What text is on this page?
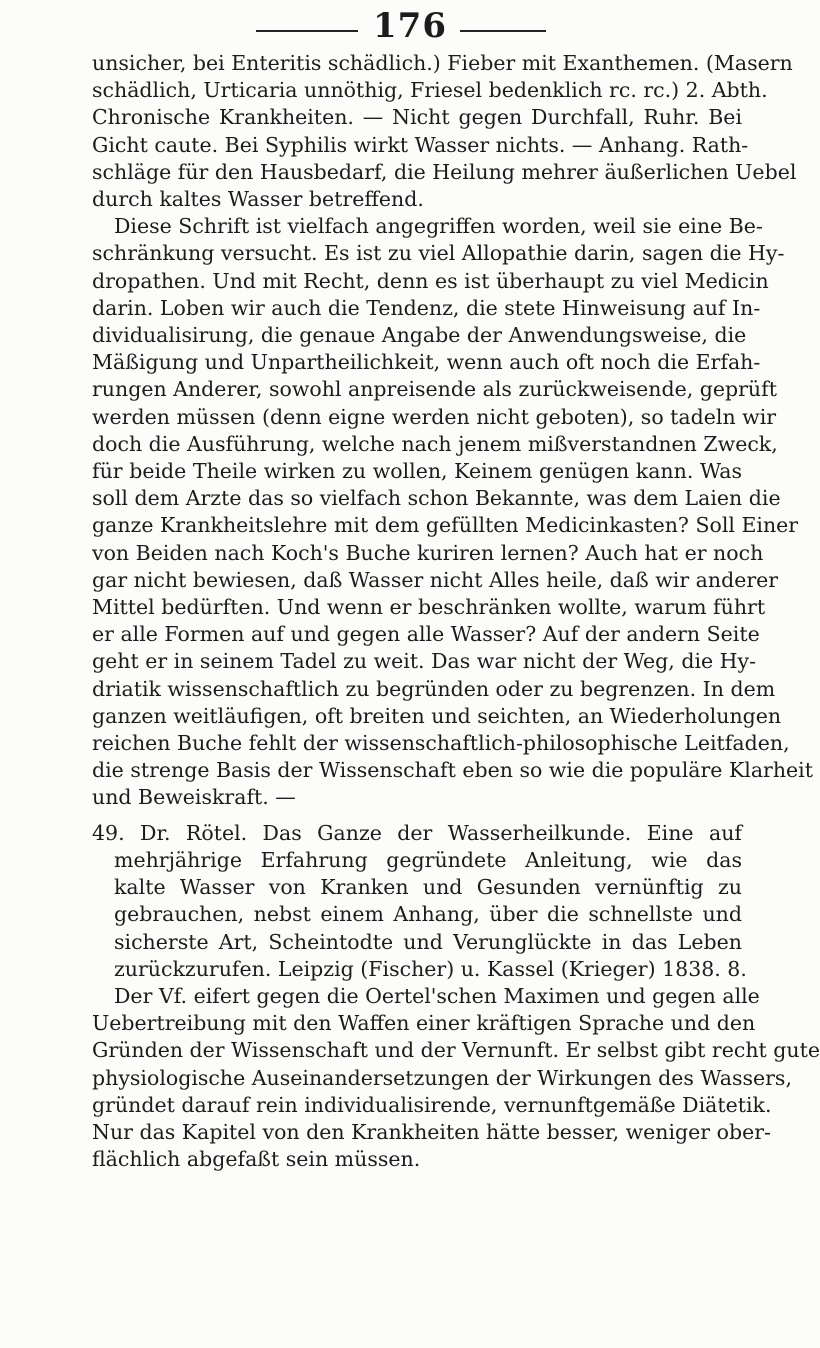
176
unsicher, bei Enteritis schädlich.) Fieber mit Exanthemen. (Masern
schädlich, Urticaria unnöthig, Friesel bedenklich rc. rc.) 2. Abth.
Chronische Krankheiten. — Nicht gegen Durchfall, Ruhr. Bei
Gicht caute. Bei Syphilis wirkt Wasser nichts. — Anhang. Rath-
schläge für den Hausbedarf, die Heilung mehrer äußerlichen Uebel
durch kaltes Wasser betreffend.
Diese Schrift ist vielfach angegriffen worden, weil sie eine Be-
schränkung versucht. Es ist zu viel Allopathie darin, sagen die Hy-
dropathen. Und mit Recht, denn es ist überhaupt zu viel Medicin
darin. Loben wir auch die Tendenz, die stete Hinweisung auf In-
dividualisirung, die genaue Angabe der Anwendungsweise, die
Mäßigung und Unpartheilichkeit, wenn auch oft noch die Erfah-
rungen Anderer, sowohl anpreisende als zurückweisende, geprüft
werden müssen (denn eigne werden nicht geboten), so tadeln wir
doch die Ausführung, welche nach jenem mißverstandnen Zweck,
für beide Theile wirken zu wollen, Keinem genügen kann. Was
soll dem Arzte das so vielfach schon Bekannte, was dem Laien die
ganze Krankheitslehre mit dem gefüllten Medicinkasten? Soll Einer
von Beiden nach Koch's Buche kuriren lernen? Auch hat er noch
gar nicht bewiesen, daß Wasser nicht Alles heile, daß wir anderer
Mittel bedürften. Und wenn er beschränken wollte, warum führt
er alle Formen auf und gegen alle Wasser? Auf der andern Seite
geht er in seinem Tadel zu weit. Das war nicht der Weg, die Hy-
driatik wissenschaftlich zu begründen oder zu begrenzen. In dem
ganzen weitläufigen, oft breiten und seichten, an Wiederholungen
reichen Buche fehlt der wissenschaftlich-philosophische Leitfaden,
die strenge Basis der Wissenschaft eben so wie die populäre Klarheit
und Beweiskraft. —
49. Dr. Rötel. Das Ganze der Wasserheilkunde. Eine auf
mehrjährige Erfahrung gegründete Anleitung, wie das
kalte Wasser von Kranken und Gesunden vernünftig zu
gebrauchen, nebst einem Anhang, über die schnellste und
sicherste Art, Scheintodte und Verunglückte in das Leben
zurückzurufen. Leipzig (Fischer) u. Kassel (Krieger) 1838. 8.
Der Vf. eifert gegen die Oertel'schen Maximen und gegen alle
Uebertreibung mit den Waffen einer kräftigen Sprache und den
Gründen der Wissenschaft und der Vernunft. Er selbst gibt recht gute
physiologische Auseinandersetzungen der Wirkungen des Wassers,
gründet darauf rein individualisirende, vernunftgemäße Diätetik.
Nur das Kapitel von den Krankheiten hätte besser, weniger ober-
flächlich abgefaßt sein müssen.
